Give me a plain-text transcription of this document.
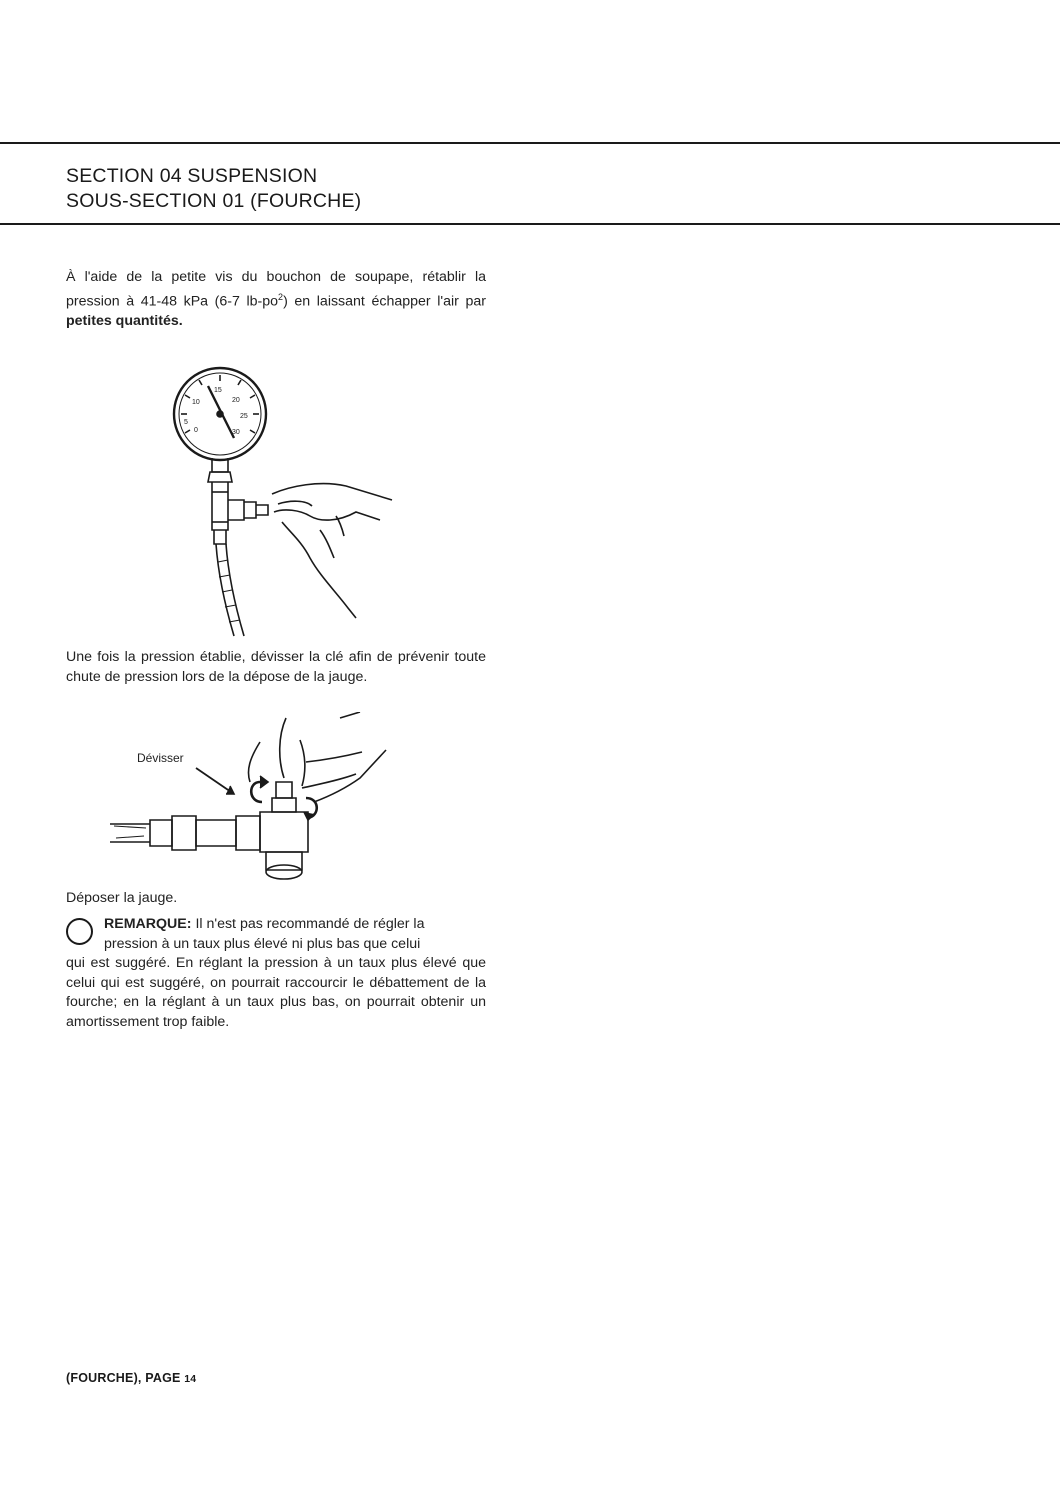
SECTION 04 SUSPENSION
SOUS-SECTION 01 (FOURCHE)
À l'aide de la petite vis du bouchon de soupape, rétablir la pression à 41-48 kPa (6-7 $lb-po^2$) en laissant échapper l'air par petites quantités.
5
10
15
20
25
30
0
Une fois la pression établie, dévisser la clé afin de prévenir toute chute de pression lors de la dépose de la jauge.
Dévisser
Déposer la jauge.
REMARQUE: Il n'est pas recommandé de régler la
pression à un taux plus élevé ni plus bas que celui
qui est suggéré. En réglant la pression à un taux plus élevé que celui qui est suggéré, on pourrait raccourcir le débattement de la fourche; en la réglant à un taux plus bas, on pourrait obtenir un amortissement trop faible.
(FOURCHE), PAGE 14
